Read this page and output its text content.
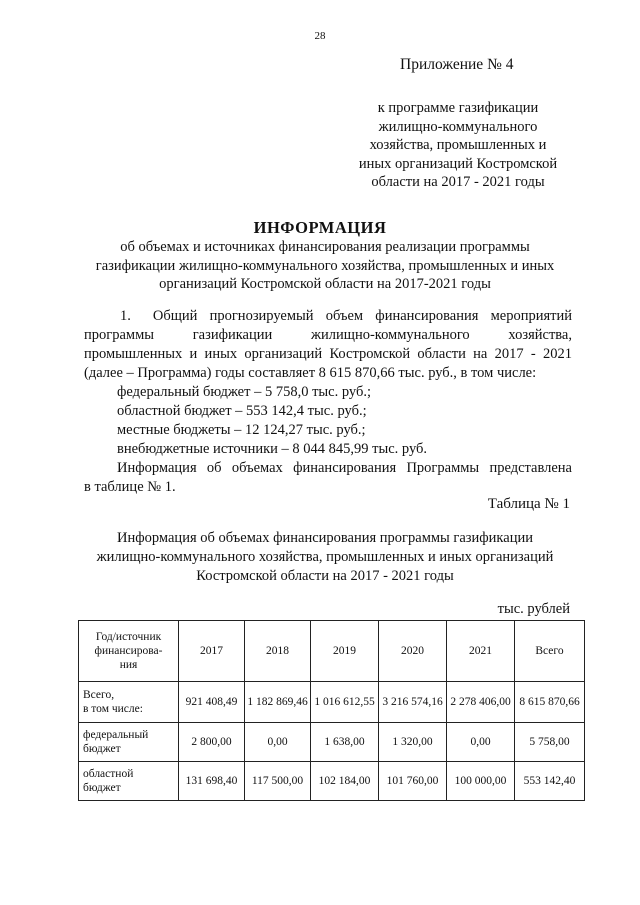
28
Приложение № 4
к программе газификации
жилищно-коммунального
хозяйства, промышленных и
иных организаций Костромской
области на 2017 - 2021 годы
ИНФОРМАЦИЯ
об объемах и источниках финансирования реализации программы
газификации жилищно-коммунального хозяйства, промышленных и иных
организаций Костромской области на 2017-2021 годы
1. Общий прогнозируемый объем финансирования мероприятий
программы газификации жилищно-коммунального хозяйства,
промышленных и иных организаций Костромской области на 2017 - 2021
(далее – Программа) годы составляет 8 615 870,66 тыс. руб., в том числе:
федеральный бюджет – 5 758,0 тыс. руб.;
областной бюджет – 553 142,4 тыс. руб.;
местные бюджеты – 12 124,27 тыс. руб.;
внебюджетные источники – 8 044 845,99 тыс. руб.
Информация об объемах финансирования Программы представлена
в таблице № 1.
Таблица № 1
Информация об объемах финансирования программы газификации
жилищно-коммунального хозяйства, промышленных и иных организаций
Костромской области на 2017 - 2021 годы
тыс. рублей
Год/источник
финансирова-
ния	2017	2018	2019	2020	2021	Всего

Всего,
в том числе:	921 408,49	1 182 869,46	1 016 612,55	3 216 574,16	2 278 406,00	8 615 870,66

федеральный
бюджет	2 800,00	0,00	1 638,00	1 320,00	0,00	5 758,00

областной
бюджет	131 698,40	117 500,00	102 184,00	101 760,00	100 000,00	553 142,40
